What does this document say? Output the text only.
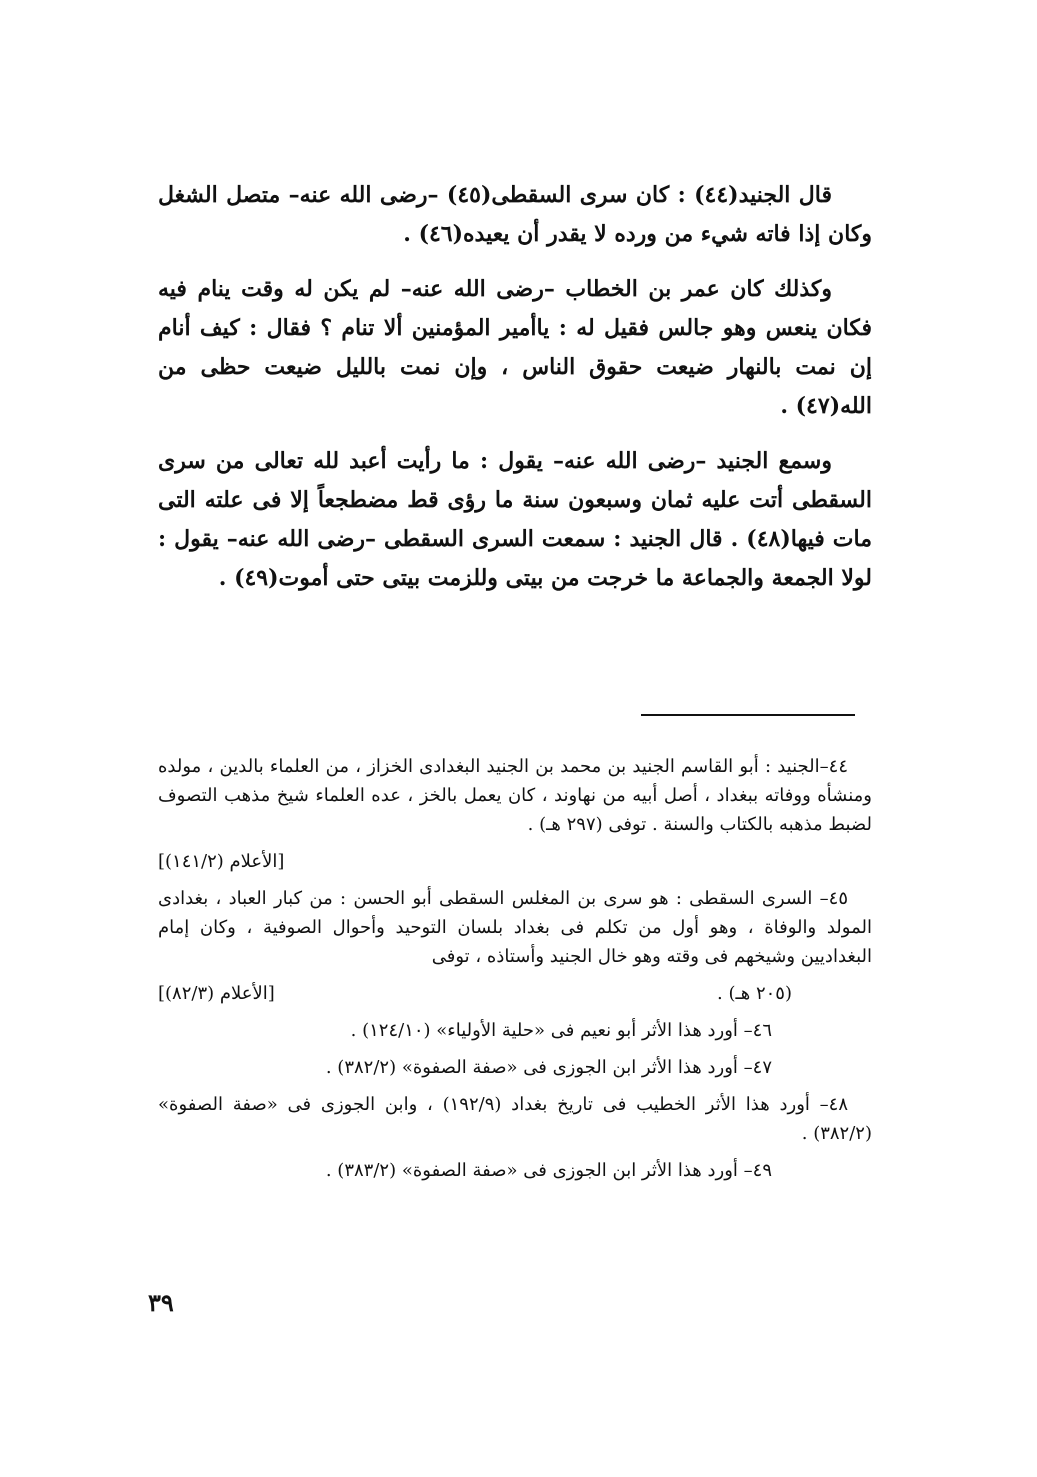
قال الجنيد(٤٤) : كان سرى السقطى(٤٥) –رضى الله عنه– متصل الشغل وكان إذا فاته شيء من ورده لا يقدر أن يعيده(٤٦) .

وكذلك كان عمر بن الخطاب –رضى الله عنه– لم يكن له وقت ينام فيه فكان ينعس وهو جالس فقيل له : ياأمير المؤمنين ألا تنام ؟ فقال : كيف أنام إن نمت بالنهار ضيعت حقوق الناس ، وإن نمت بالليل ضيعت حظى من الله(٤٧) .

وسمع الجنيد –رضى الله عنه– يقول : ما رأيت أعبد لله تعالى من سرى السقطى أتت عليه ثمان وسبعون سنة ما رؤى قط مضطجعاً إلا فى علته التى مات فيها(٤٨) . قال الجنيد : سمعت السرى السقطى –رضى الله عنه– يقول : لولا الجمعة والجماعة ما خرجت من بيتى وللزمت بيتى حتى أموت(٤٩) .

٤٤–الجنيد : أبو القاسم الجنيد بن محمد بن الجنيد البغدادى الخزاز ، من العلماء بالدين ، مولده ومنشأه ووفاته ببغداد ، أصل أبيه من نهاوند ، كان يعمل بالخز ، عده العلماء شيخ مذهب التصوف لضبط مذهبه بالكتاب والسنة . توفى (٢٩٧ هـ) .
[الأعلام (١٤١/٢)]
٤٥– السرى السقطى : هو سرى بن المغلس السقطى أبو الحسن : من كبار العباد ، بغدادى المولد والوفاة ، وهو أول من تكلم فى بغداد بلسان التوحيد وأحوال الصوفية ، وكان إمام البغداديين وشيخهم فى وقته وهو خال الجنيد وأستاذه ، توفى
(٢٠٥ هـ) .
[الأعلام (٨٢/٣)]
٤٦– أورد هذا الأثر أبو نعيم فى «حلية الأولياء» (١٢٤/١٠) .
٤٧– أورد هذا الأثر ابن الجوزى فى «صفة الصفوة» (٣٨٢/٢) .
٤٨– أورد هذا الأثر الخطيب فى تاريخ بغداد (١٩٢/٩) ، وابن الجوزى فى «صفة الصفوة» (٣٨٢/٢) .
٤٩– أورد هذا الأثر ابن الجوزى فى «صفة الصفوة» (٣٨٣/٢) .
٣٩
